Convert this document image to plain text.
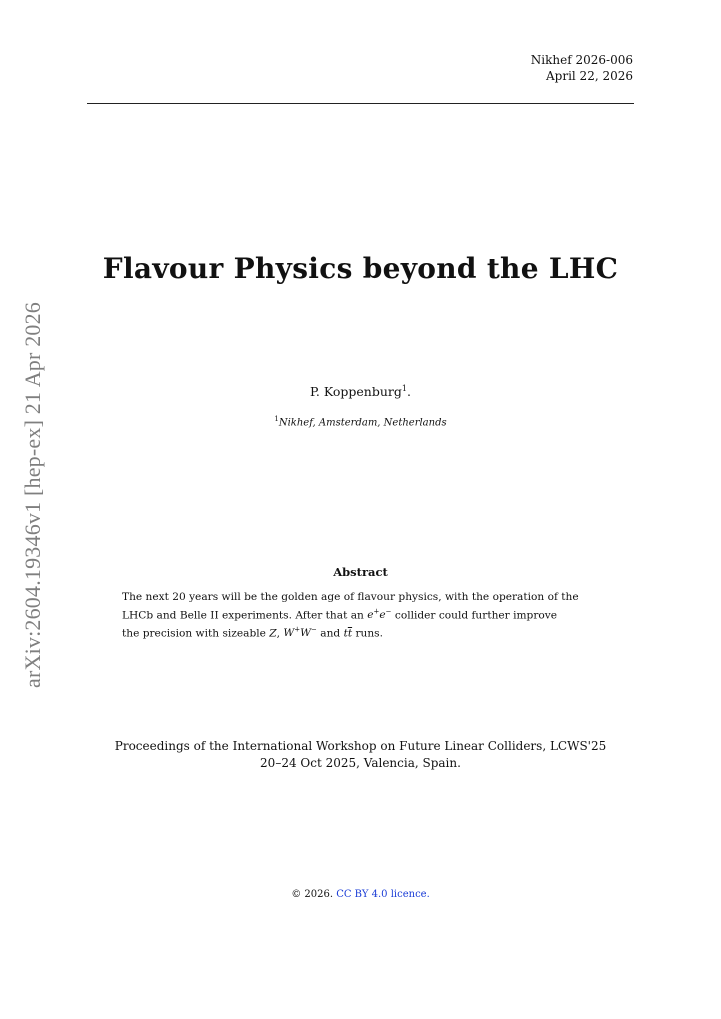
Nikhef 2026-006
April 22, 2026
arXiv:2604.19346v1 [hep-ex] 21 Apr 2026
Flavour Physics beyond the LHC
P. Koppenburg$^1$.
$^1$Nikhef, Amsterdam, Netherlands
Abstract
The next 20 years will be the golden age of flavour physics, with the operation of the
LHCb and Belle II experiments. After that an e+e− collider could further improve
the precision with sizeable Z, W+W− and $t\overline{t}$ runs.
Proceedings of the International Workshop on Future Linear Colliders, LCWS'25
20–24 Oct 2025, Valencia, Spain.
© 2026. CC BY 4.0 licence.
